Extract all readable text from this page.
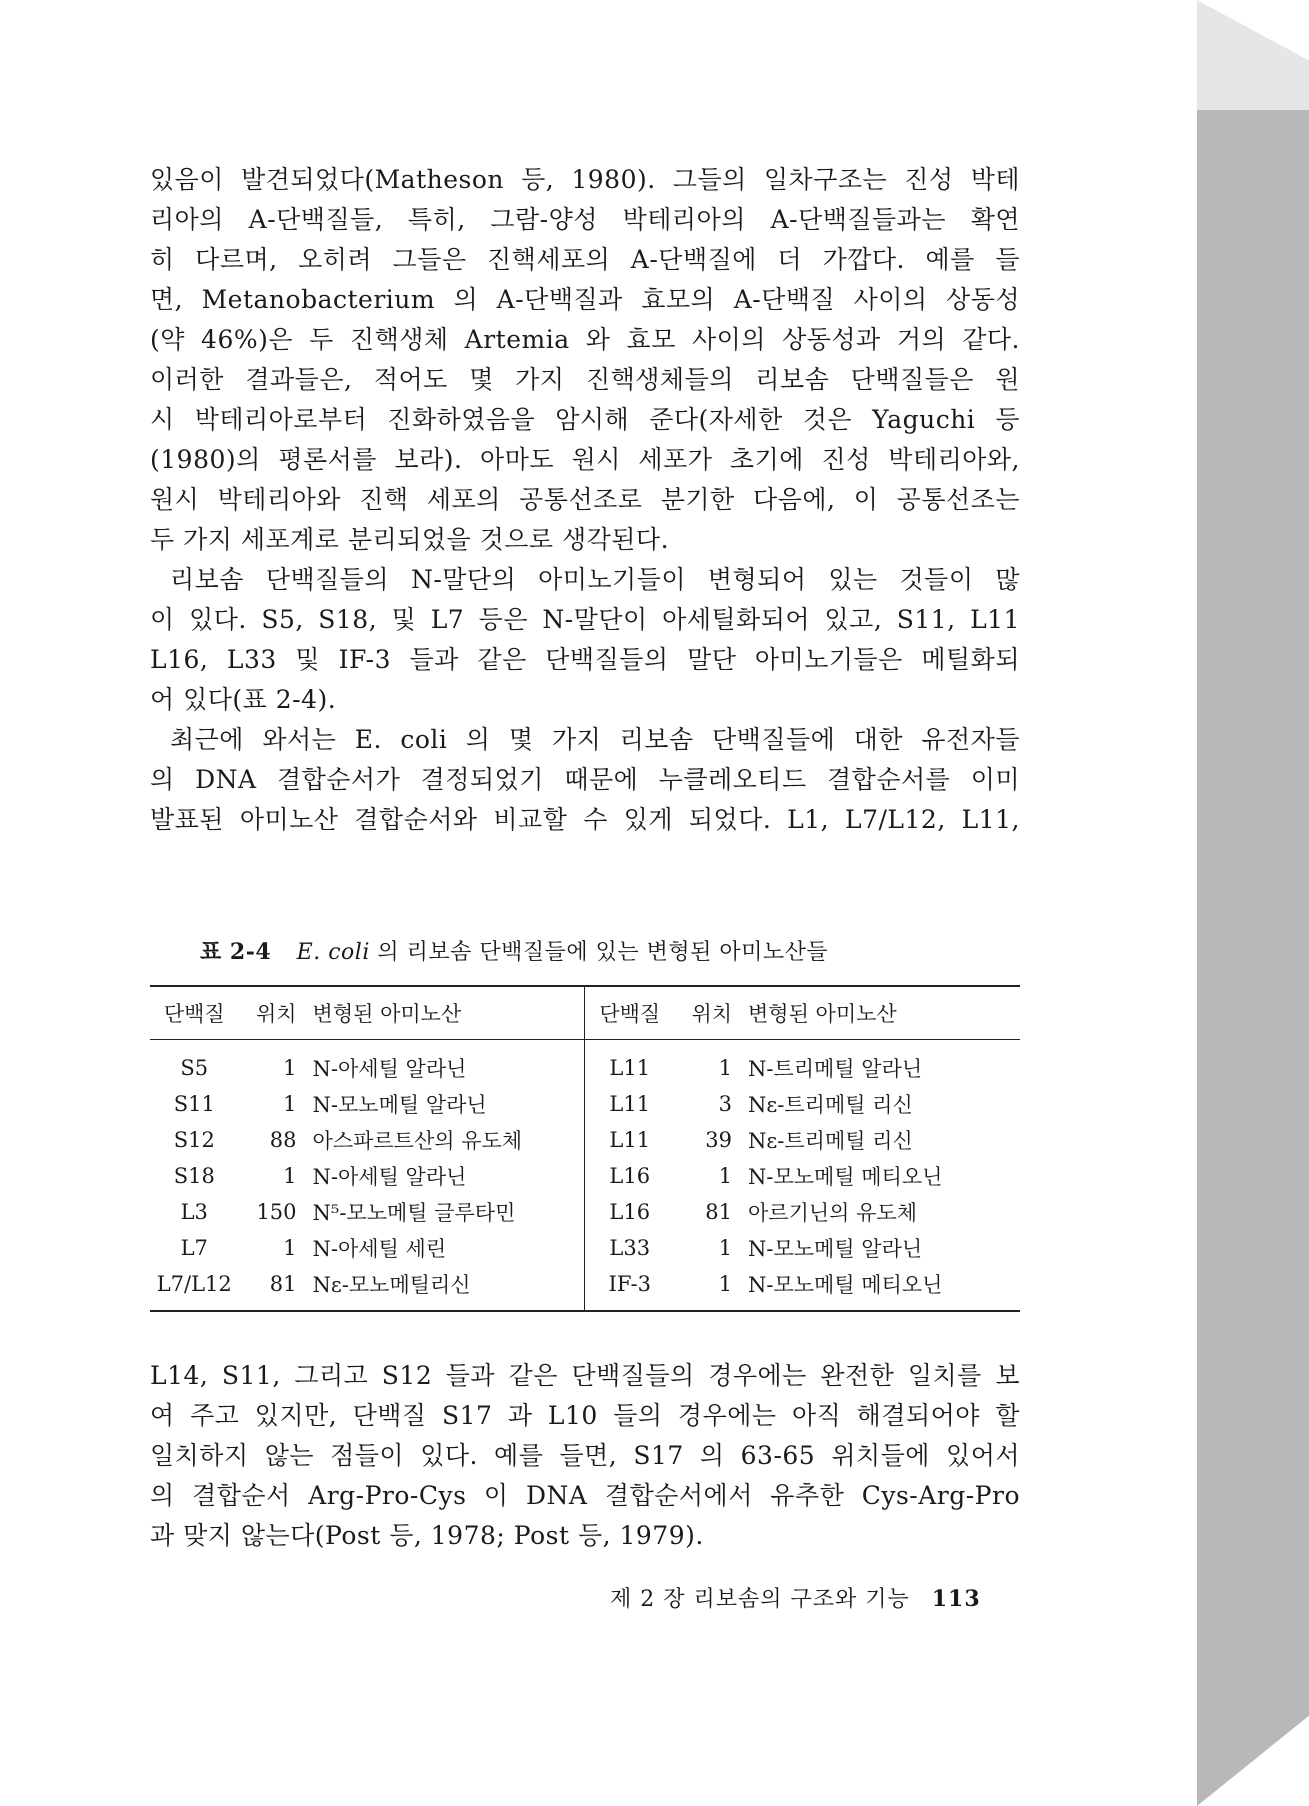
있음이 발견되었다(Matheson 등, 1980). 그들의 일차구조는 진성 박테

리아의 A-단백질들, 특히, 그람-양성 박테리아의 A-단백질들과는 확연

히 다르며, 오히려 그들은 진핵세포의 A-단백질에 더 가깝다. 예를 들

면, Metanobacterium 의 A-단백질과 효모의 A-단백질 사이의 상동성

(약 46%)은 두 진핵생체 Artemia 와 효모 사이의 상동성과 거의 같다.

이러한 결과들은, 적어도 몇 가지 진핵생체들의 리보솜 단백질들은 원

시 박테리아로부터 진화하였음을 암시해 준다(자세한 것은 Yaguchi 등

(1980)의 평론서를 보라). 아마도 원시 세포가 초기에 진성 박테리아와,

원시 박테리아와 진핵 세포의 공통선조로 분기한 다음에, 이 공통선조는

두 가지 세포계로 분리되었을 것으로 생각된다.

리보솜 단백질들의 N-말단의 아미노기들이 변형되어 있는 것들이 많

이 있다. S5, S18, 및 L7 등은 N-말단이 아세틸화되어 있고, S11, L11

L16, L33 및 IF-3 들과 같은 단백질들의 말단 아미노기들은 메틸화되

어 있다(표 2-4).

최근에 와서는 E. coli 의 몇 가지 리보솜 단백질들에 대한 유전자들

의 DNA 결합순서가 결정되었기 때문에 누클레오티드 결합순서를 이미

발표된 아미노산 결합순서와 비교할 수 있게 되었다. L1, L7/L12, L11,

표 2-4 E. coli 의 리보솜 단백질들에 있는 변형된 아미노산들
단백질	위치	변형된 아미노산	단백질	위치	변형된 아미노산
S5	1	N-아세틸 알라닌	L11	1	N-트리메틸 알라닌
S11	1	N-모노메틸 알라닌	L11	3	Nε-트리메틸 리신
S12	88	아스파르트산의 유도체	L11	39	Nε-트리메틸 리신
S18	1	N-아세틸 알라닌	L16	1	N-모노메틸 메티오닌
L3	150	N⁵-모노메틸 글루타민	L16	81	아르기닌의 유도체
L7	1	N-아세틸 세린	L33	1	N-모노메틸 알라닌
L7/L12	81	Nε-모노메틸리신	IF-3	1	N-모노메틸 메티오닌

L14, S11, 그리고 S12 들과 같은 단백질들의 경우에는 완전한 일치를 보

여 주고 있지만, 단백질 S17 과 L10 들의 경우에는 아직 해결되어야 할

일치하지 않는 점들이 있다. 예를 들면, S17 의 63-65 위치들에 있어서

의 결합순서 Arg-Pro-Cys 이 DNA 결합순서에서 유추한 Cys-Arg-Pro

과 맞지 않는다(Post 등, 1978; Post 등, 1979).

제 2 장 리보솜의 구조와 기능 113
